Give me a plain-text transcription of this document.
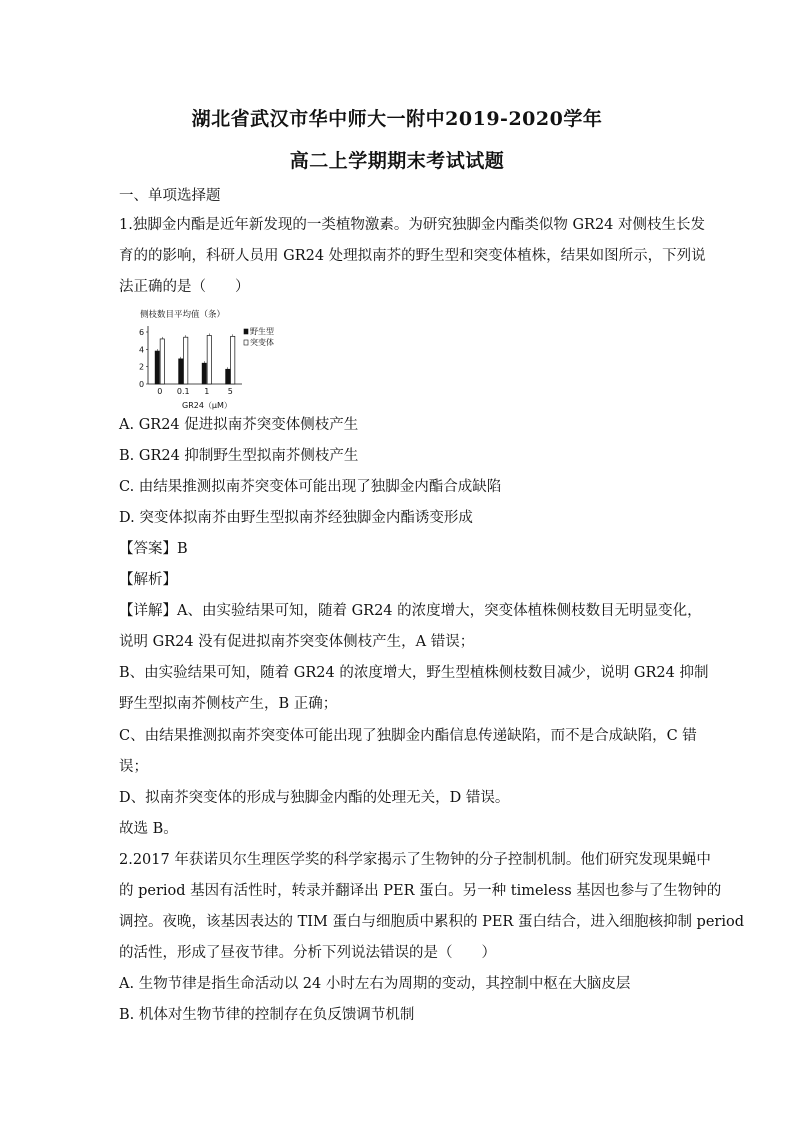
湖北省武汉市华中师大一附中2019-2020学年
高二上学期期末考试试题
一、单项选择题
1.独脚金内酯是近年新发现的一类植物激素。为研究独脚金内酯类似物 GR24 对侧枝生长发
育的的影响，科研人员用 GR24 处理拟南芥的野生型和突变体植株，结果如图所示，下列说
法正确的是（　　）
侧枝数目平均值（条）
0
2
4
6
0 0.1 1 5
野生型
突变体
GR24（μM）
A. GR24 促进拟南芥突变体侧枝产生
B. GR24 抑制野生型拟南芥侧枝产生
C. 由结果推测拟南芥突变体可能出现了独脚金内酯合成缺陷
D. 突变体拟南芥由野生型拟南芥经独脚金内酯诱变形成
【答案】B
【解析】
【详解】A、由实验结果可知，随着 GR24 的浓度增大，突变体植株侧枝数目无明显变化，
说明 GR24 没有促进拟南芥突变体侧枝产生，A 错误；
B、由实验结果可知，随着 GR24 的浓度增大，野生型植株侧枝数目减少，说明 GR24 抑制
野生型拟南芥侧枝产生，B 正确；
C、由结果推测拟南芥突变体可能出现了独脚金内酯信息传递缺陷，而不是合成缺陷，C 错
误；
D、拟南芥突变体的形成与独脚金内酯的处理无关，D 错误。
故选 B。
2.2017 年获诺贝尔生理医学奖的科学家揭示了生物钟的分子控制机制。他们研究发现果蝇中
的 period 基因有活性时，转录并翻译出 PER 蛋白。另一种 timeless 基因也参与了生物钟的
调控。夜晚，该基因表达的 TIM 蛋白与细胞质中累积的 PER 蛋白结合，进入细胞核抑制 period
的活性，形成了昼夜节律。分析下列说法错误的是（　　）
A. 生物节律是指生命活动以 24 小时左右为周期的变动，其控制中枢在大脑皮层
B. 机体对生物节律的控制存在负反馈调节机制
